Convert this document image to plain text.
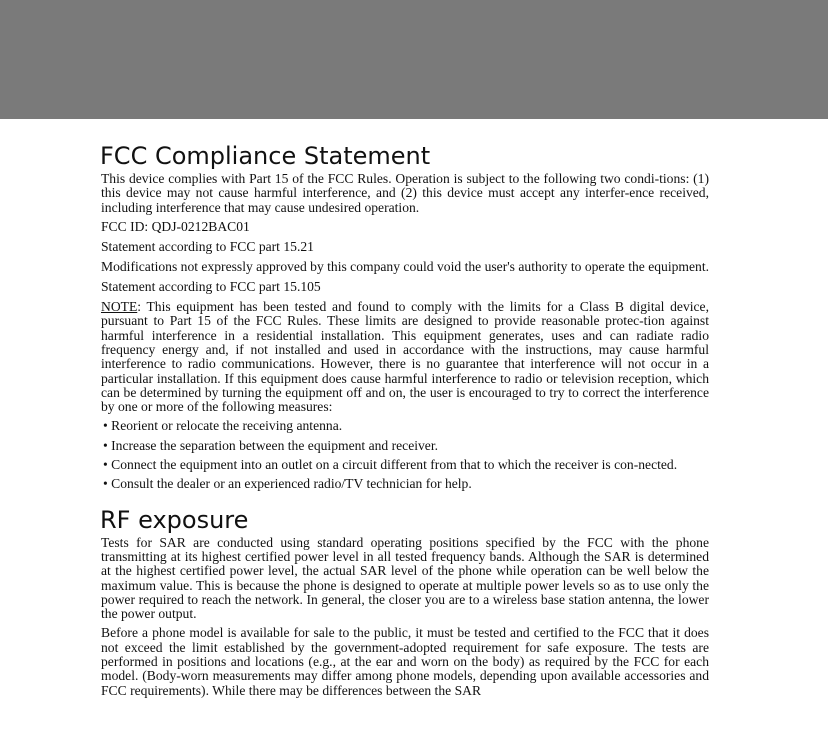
FCC Compliance Statement

This device complies with Part 15 of the FCC Rules. Operation is subject to the following two condi-tions: (1) this device may not cause harmful interference, and (2) this device must accept any interfer-ence received, including interference that may cause undesired operation.

FCC ID: QDJ-0212BAC01

Statement according to FCC part 15.21

Modifications not expressly approved by this company could void the user's authority to operate the equipment.

Statement according to FCC part 15.105

NOTE: This equipment has been tested and found to comply with the limits for a Class B digital device, pursuant to Part 15 of the FCC Rules. These limits are designed to provide reasonable protec-tion against harmful interference in a residential installation. This equipment generates, uses and can radiate radio frequency energy and, if not installed and used in accordance with the instructions, may cause harmful interference to radio communications. However, there is no guarantee that interference will not occur in a particular installation. If this equipment does cause harmful interference to radio or television reception, which can be determined by turning the equipment off and on, the user is encouraged to try to correct the interference by one or more of the following measures:

• Reorient or relocate the receiving antenna.

• Increase the separation between the equipment and receiver.

• Connect the equipment into an outlet on a circuit different from that to which the receiver is con-nected.

• Consult the dealer or an experienced radio/TV technician for help.

RF exposure

Tests for SAR are conducted using standard operating positions specified by the FCC with the phone transmitting at its highest certified power level in all tested frequency bands. Although the SAR is determined at the highest certified power level, the actual SAR level of the phone while operation can be well below the maximum value. This is because the phone is designed to operate at multiple power levels so as to use only the power required to reach the network. In general, the closer you are to a wireless base station antenna, the lower the power output.

Before a phone model is available for sale to the public, it must be tested and certified to the FCC that it does not exceed the limit established by the government-adopted requirement for safe exposure. The tests are performed in positions and locations (e.g., at the ear and worn on the body) as required by the FCC for each model. (Body-worn measurements may differ among phone models, depending upon available accessories and FCC requirements). While there may be differences between the SAR
